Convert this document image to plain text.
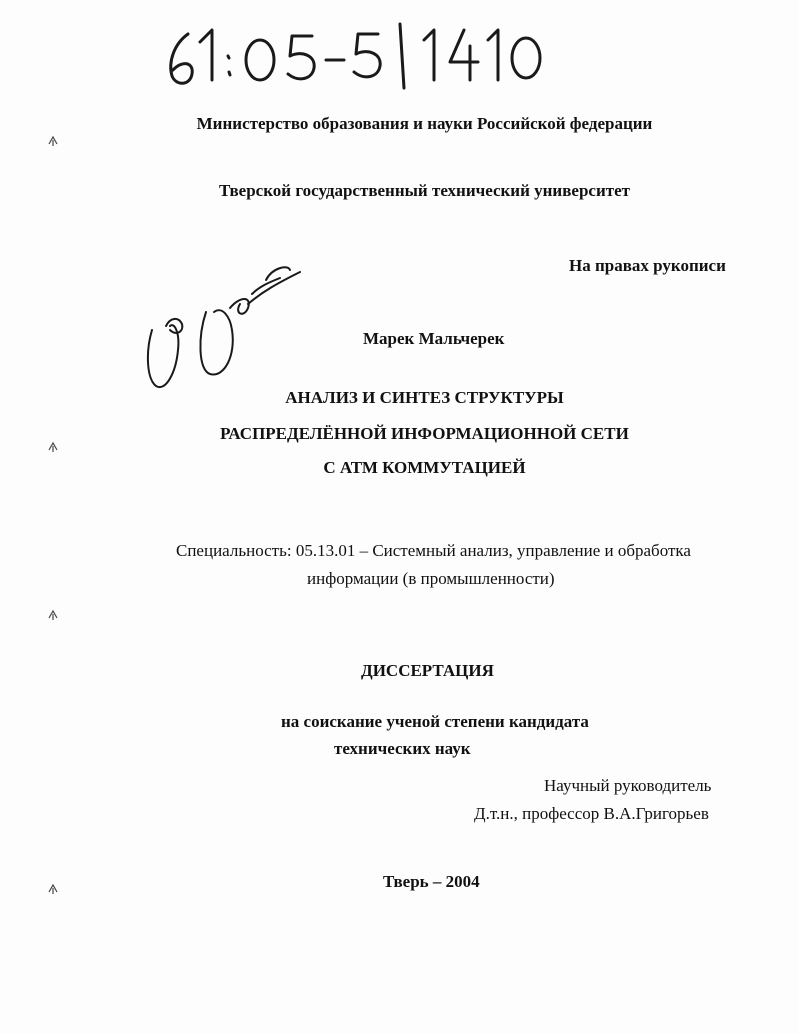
Министерство образования и науки Российской федерации
Тверской государственный технический университет
На правах рукописи
Марек Мальчерек
АНАЛИЗ И СИНТЕЗ СТРУКТУРЫ
РАСПРЕДЕЛЁННОЙ ИНФОРМАЦИОННОЙ СЕТИ
С АТМ КОММУТАЦИЕЙ
Специальность: 05.13.01 – Системный анализ, управление и обработка
информации (в промышленности)
ДИССЕРТАЦИЯ
на соискание ученой степени кандидата
технических наук
Научный руководитель
Д.т.н., профессор В.А.Григорьев
Тверь – 2004
